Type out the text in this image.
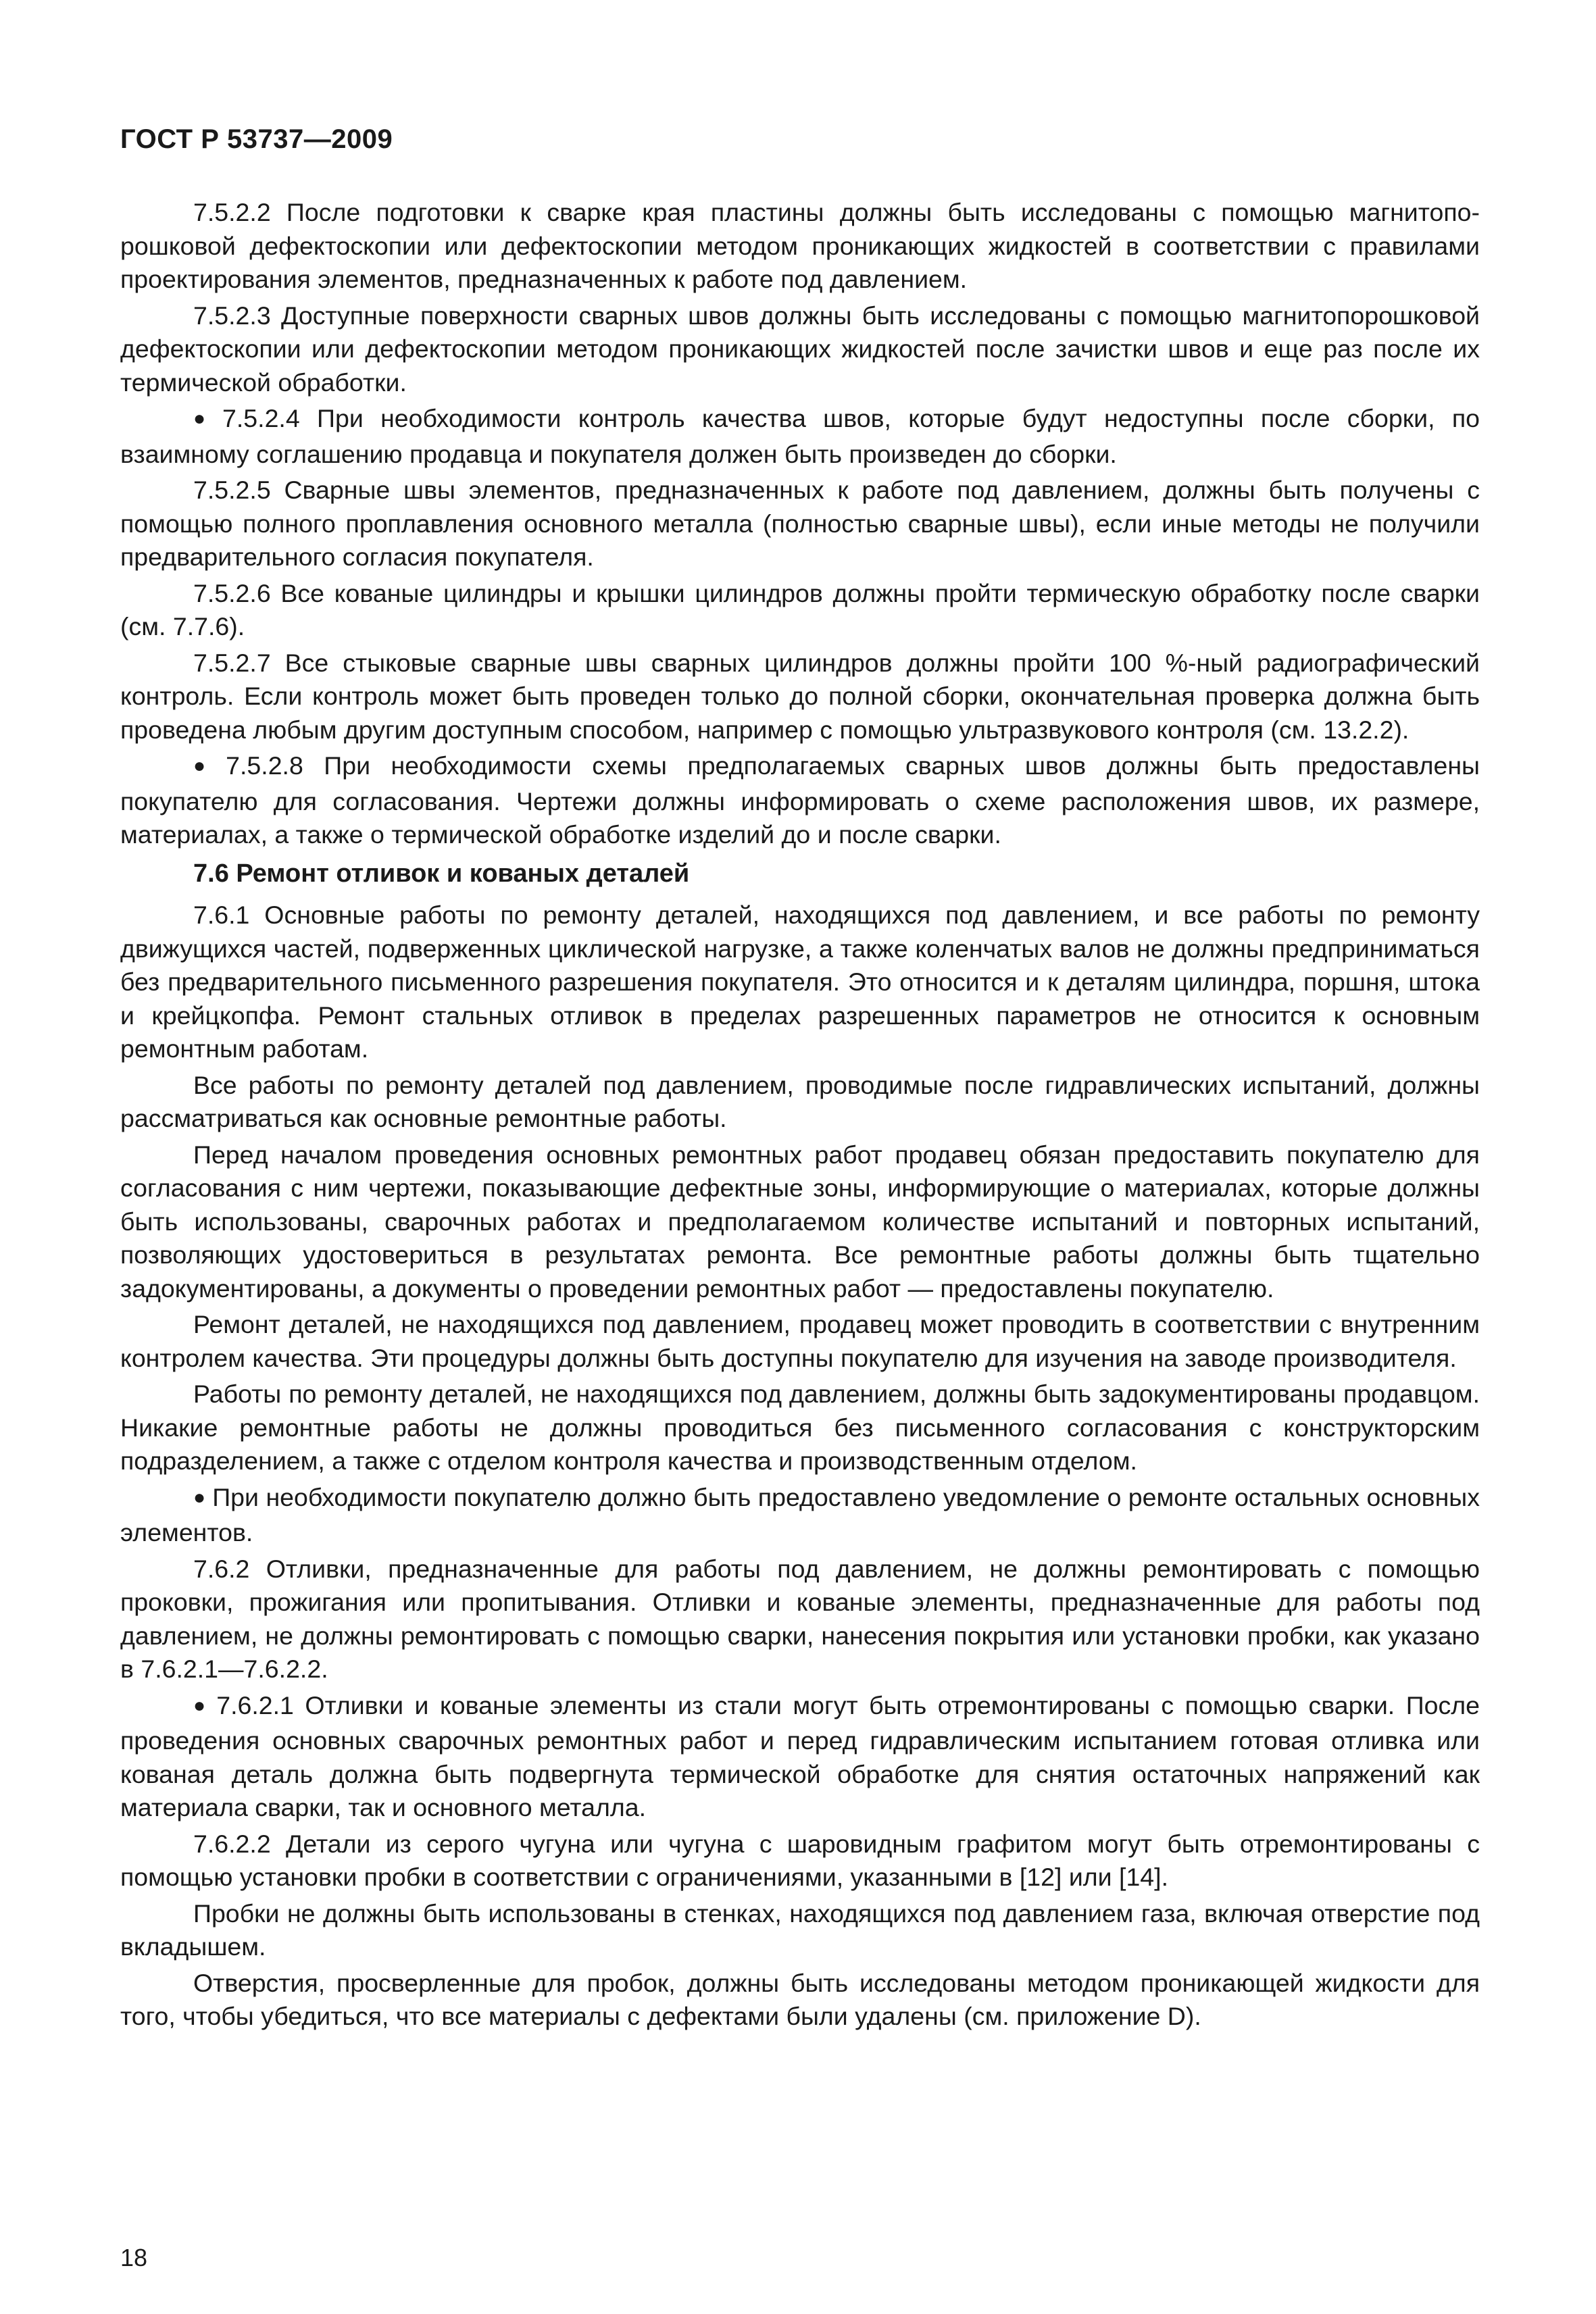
ГОСТ Р 53737—2009

7.5.2.2 После подготовки к сварке края пластины должны быть исследованы с помощью магнитопорошковой дефектоскопии или дефектоскопии методом проникающих жидкостей в соответствии с правилами проектирования элементов, предназначенных к работе под давлением.

7.5.2.3 Доступные поверхности сварных швов должны быть исследованы с помощью магнитопорошковой дефектоскопии или дефектоскопии методом проникающих жидкостей после зачистки швов и еще раз после их термической обработки.

● 7.5.2.4 При необходимости контроль качества швов, которые будут недоступны после сборки, по взаимному соглашению продавца и покупателя должен быть произведен до сборки.

7.5.2.5 Сварные швы элементов, предназначенных к работе под давлением, должны быть получены с помощью полного проплавления основного металла (полностью сварные швы), если иные методы не получили предварительного согласия покупателя.

7.5.2.6 Все кованые цилиндры и крышки цилиндров должны пройти термическую обработку после сварки (см. 7.7.6).

7.5.2.7 Все стыковые сварные швы сварных цилиндров должны пройти 100 %-ный радиографический контроль. Если контроль может быть проведен только до полной сборки, окончательная проверка должна быть проведена любым другим доступным способом, например с помощью ультразвукового контроля (см. 13.2.2).

● 7.5.2.8 При необходимости схемы предполагаемых сварных швов должны быть предоставлены покупателю для согласования. Чертежи должны информировать о схеме расположения швов, их размере, материалах, а также о термической обработке изделий до и после сварки.

7.6 Ремонт отливок и кованых деталей

7.6.1 Основные работы по ремонту деталей, находящихся под давлением, и все работы по ремонту движущихся частей, подверженных циклической нагрузке, а также коленчатых валов не должны предприниматься без предварительного письменного разрешения покупателя. Это относится и к деталям цилиндра, поршня, штока и крейцкопфа. Ремонт стальных отливок в пределах разрешенных параметров не относится к основным ремонтным работам.

Все работы по ремонту деталей под давлением, проводимые после гидравлических испытаний, должны рассматриваться как основные ремонтные работы.

Перед началом проведения основных ремонтных работ продавец обязан предоставить покупателю для согласования с ним чертежи, показывающие дефектные зоны, информирующие о материалах, которые должны быть использованы, сварочных работах и предполагаемом количестве испытаний и повторных испытаний, позволяющих удостовериться в результатах ремонта. Все ремонтные работы должны быть тщательно задокументированы, а документы о проведении ремонтных работ — предоставлены покупателю.

Ремонт деталей, не находящихся под давлением, продавец может проводить в соответствии с внутренним контролем качества. Эти процедуры должны быть доступны покупателю для изучения на заводе производителя.

Работы по ремонту деталей, не находящихся под давлением, должны быть задокументированы продавцом. Никакие ремонтные работы не должны проводиться без письменного согласования с конструкторским подразделением, а также с отделом контроля качества и производственным отделом.

● При необходимости покупателю должно быть предоставлено уведомление о ремонте остальных основных элементов.

7.6.2 Отливки, предназначенные для работы под давлением, не должны ремонтировать с помощью проковки, прожигания или пропитывания. Отливки и кованые элементы, предназначенные для работы под давлением, не должны ремонтировать с помощью сварки, нанесения покрытия или установки пробки, как указано в 7.6.2.1—7.6.2.2.

● 7.6.2.1 Отливки и кованые элементы из стали могут быть отремонтированы с помощью сварки. После проведения основных сварочных ремонтных работ и перед гидравлическим испытанием готовая отливка или кованая деталь должна быть подвергнута термической обработке для снятия остаточных напряжений как материала сварки, так и основного металла.

7.6.2.2 Детали из серого чугуна или чугуна с шаровидным графитом могут быть отремонтированы с помощью установки пробки в соответствии с ограничениями, указанными в [12] или [14].

Пробки не должны быть использованы в стенках, находящихся под давлением газа, включая отверстие под вкладышем.

Отверстия, просверленные для пробок, должны быть исследованы методом проникающей жидкости для того, чтобы убедиться, что все материалы с дефектами были удалены (см. приложение D).

18
